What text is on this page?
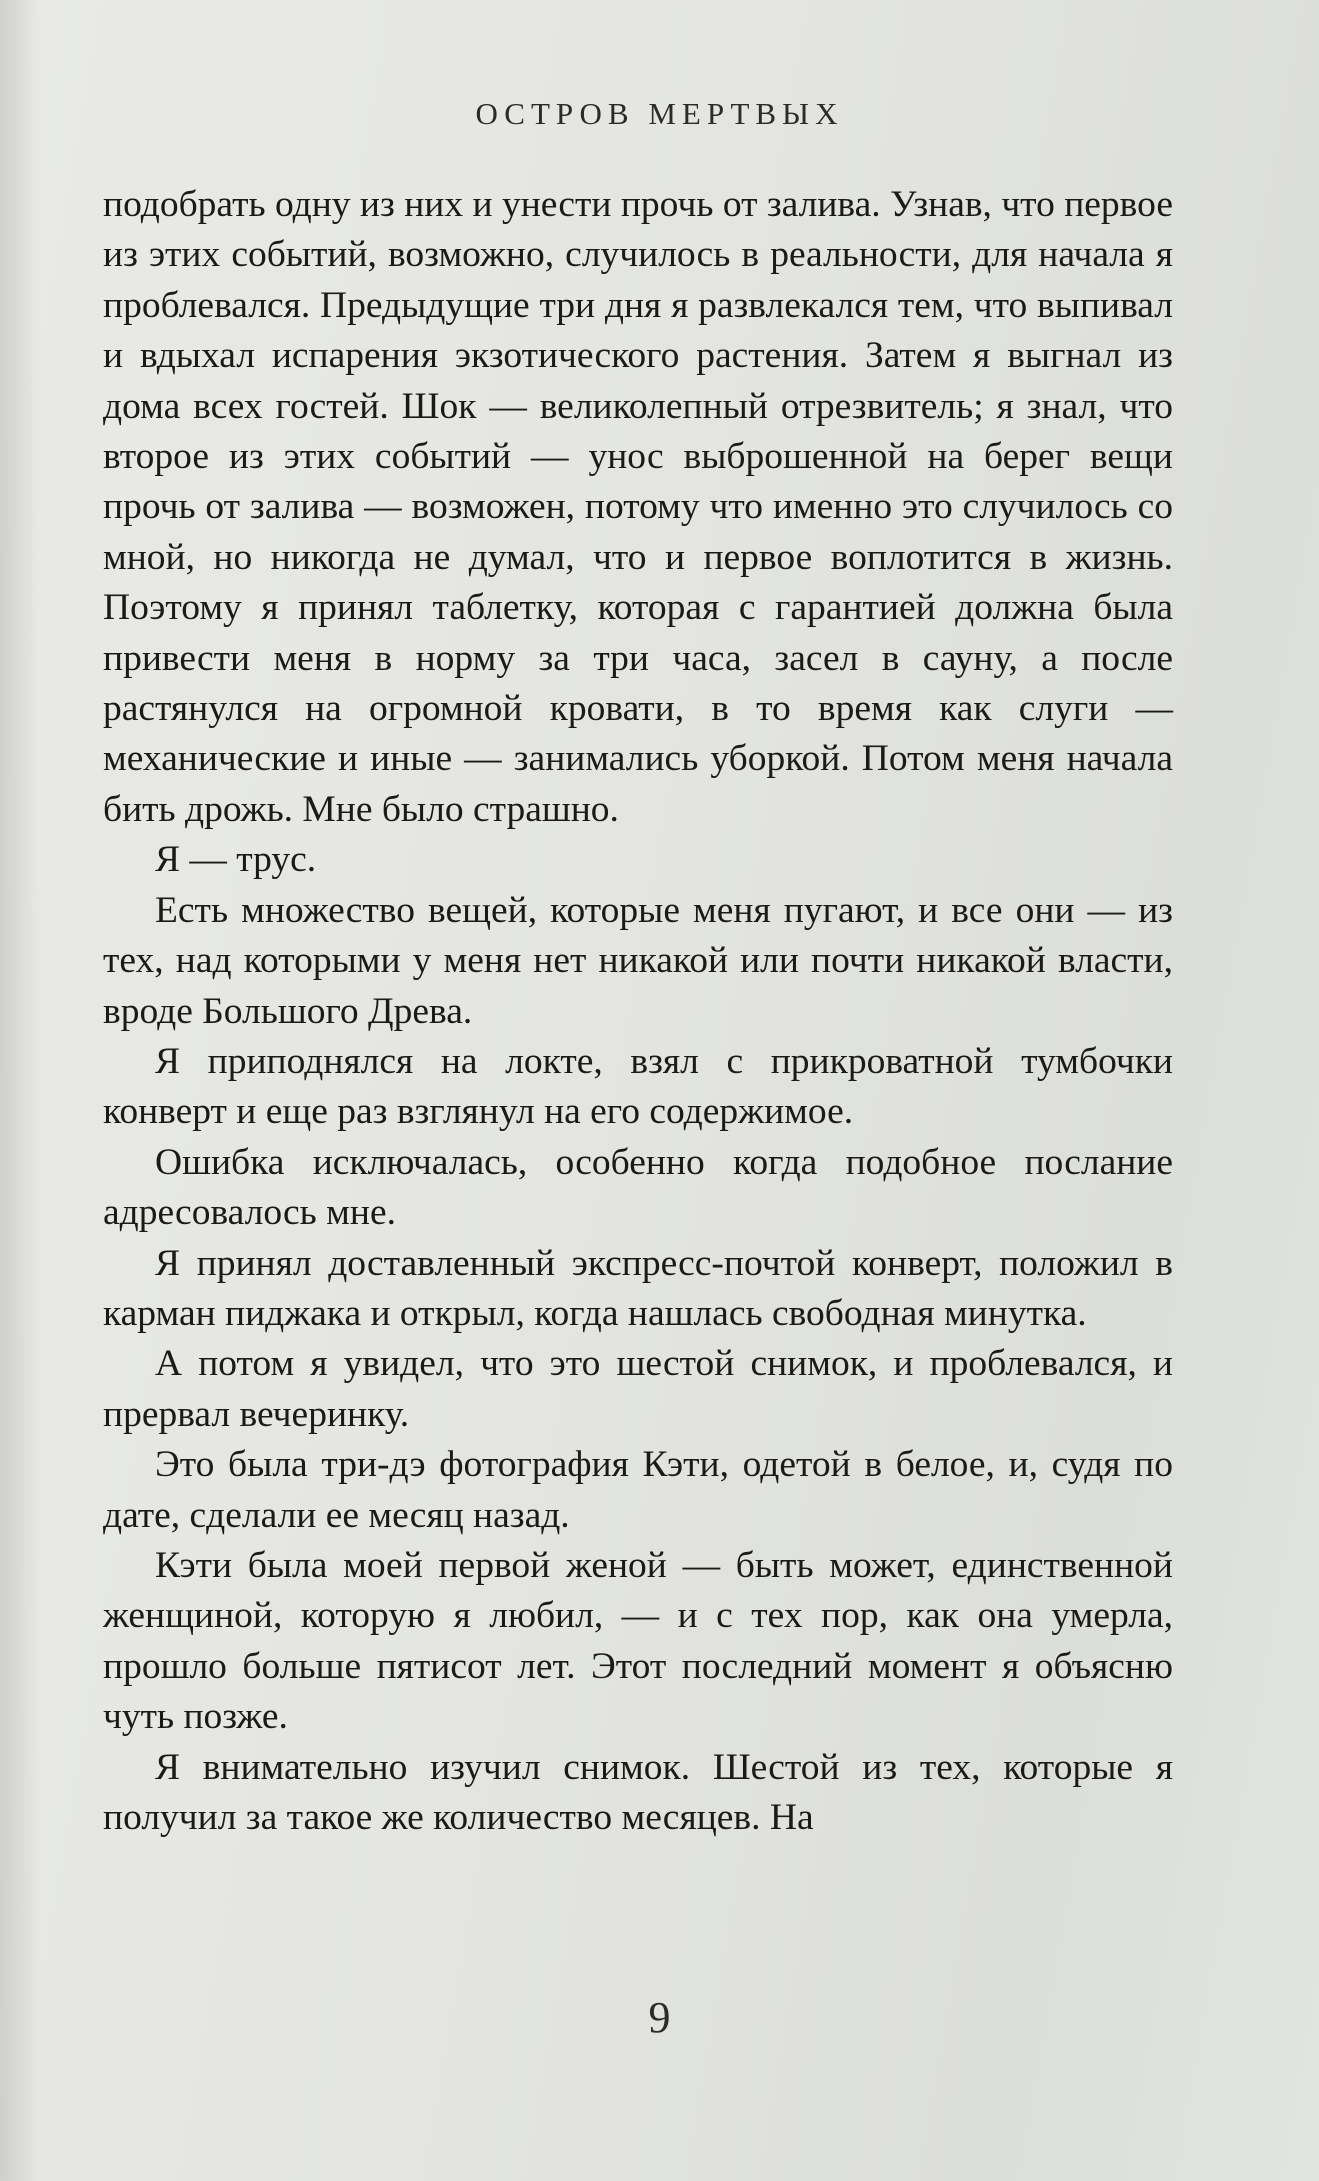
ОСТРОВ МЕРТВЫХ

подобрать одну из них и унести прочь от залива. Узнав, что первое из этих событий, возможно, случилось в реальности, для начала я проблевался. Предыдущие три дня я развлекался тем, что выпивал и вдыхал испарения экзотического растения. Затем я выгнал из дома всех гостей. Шок — великолепный отрезвитель; я знал, что второе из этих событий — унос выброшенной на берег вещи прочь от залива — возможен, потому что именно это случилось со мной, но никогда не думал, что и первое воплотится в жизнь. Поэтому я принял таблетку, которая с гарантией должна была привести меня в норму за три часа, засел в сауну, а после растянулся на огромной кровати, в то время как слуги — механические и иные — занимались уборкой. Потом меня начала бить дрожь. Мне было страшно.

Я — трус.

Есть множество вещей, которые меня пугают, и все они — из тех, над которыми у меня нет никакой или почти никакой власти, вроде Большого Древа.

Я приподнялся на локте, взял с прикроватной тумбочки конверт и еще раз взглянул на его содержимое.

Ошибка исключалась, особенно когда подобное послание адресовалось мне.

Я принял доставленный экспресс-почтой конверт, положил в карман пиджака и открыл, когда нашлась свободная минутка.

А потом я увидел, что это шестой снимок, и проблевался, и прервал вечеринку.

Это была три-дэ фотография Кэти, одетой в белое, и, судя по дате, сделали ее месяц назад.

Кэти была моей первой женой — быть может, единственной женщиной, которую я любил, — и с тех пор, как она умерла, прошло больше пятисот лет. Этот последний момент я объясню чуть позже.

Я внимательно изучил снимок. Шестой из тех, которые я получил за такое же количество месяцев. На

9
